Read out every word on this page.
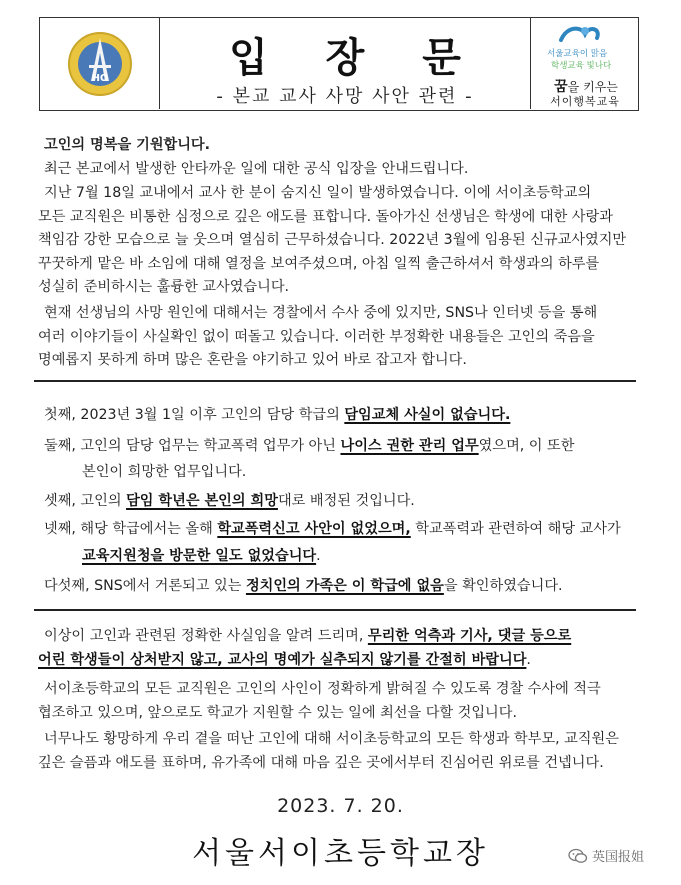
HO	입 장 문
- 본교 교사 사망 사안 관련 -
서울교육이 맑음
학생교육 빛나다
꿈을 키우는
서이행복교육
고인의 명복을 기원합니다.
최근 본교에서 발생한 안타까운 일에 대한 공식 입장을 안내드립니다.
지난 7월 18일 교내에서 교사 한 분이 숨지신 일이 발생하였습니다. 이에 서이초등학교의
모든 교직원은 비통한 심정으로 깊은 애도를 표합니다. 돌아가신 선생님은 학생에 대한 사랑과
책임감 강한 모습으로 늘 웃으며 열심히 근무하셨습니다. 2022년 3월에 임용된 신규교사였지만
꾸꿋하게 맡은 바 소임에 대해 열정을 보여주셨으며, 아침 일찍 출근하셔서 학생과의 하루를
성실히 준비하시는 훌륭한 교사였습니다.
현재 선생님의 사망 원인에 대해서는 경찰에서 수사 중에 있지만, SNS나 인터넷 등을 통해
여러 이야기들이 사실확인 없이 떠돌고 있습니다. 이러한 부정확한 내용들은 고인의 죽음을
명예롭지 못하게 하며 많은 혼란을 야기하고 있어 바로 잡고자 합니다.
첫째, 2023년 3월 1일 이후 고인의 담당 학급의 담임교체 사실이 없습니다.
둘째, 고인의 담당 업무는 학교폭력 업무가 아닌 나이스 권한 관리 업무였으며, 이 또한
본인이 희망한 업무입니다.
셋째, 고인의 담임 학년은 본인의 희망대로 배정된 것입니다.
넷째, 해당 학급에서는 올해 학교폭력신고 사안이 없었으며, 학교폭력과 관련하여 해당 교사가
교육지원청을 방문한 일도 없었습니다.
다섯째, SNS에서 거론되고 있는 정치인의 가족은 이 학급에 없음을 확인하였습니다.
이상이 고인과 관련된 정확한 사실임을 알려 드리며, 무리한 억측과 기사, 댓글 등으로
어린 학생들이 상처받지 않고, 교사의 명예가 실추되지 않기를 간절히 바랍니다.
서이초등학교의 모든 교직원은 고인의 사인이 정확하게 밝혀질 수 있도록 경찰 수사에 적극
협조하고 있으며, 앞으로도 학교가 지원할 수 있는 일에 최선을 다할 것입니다.
너무나도 황망하게 우리 곁을 떠난 고인에 대해 서이초등학교의 모든 학생과 학부모, 교직원은
깊은 슬픔과 애도를 표하며, 유가족에 대해 마음 깊은 곳에서부터 진심어린 위로를 건넵니다.
2023. 7. 20.
서울서이초등학교장	英国报姐
